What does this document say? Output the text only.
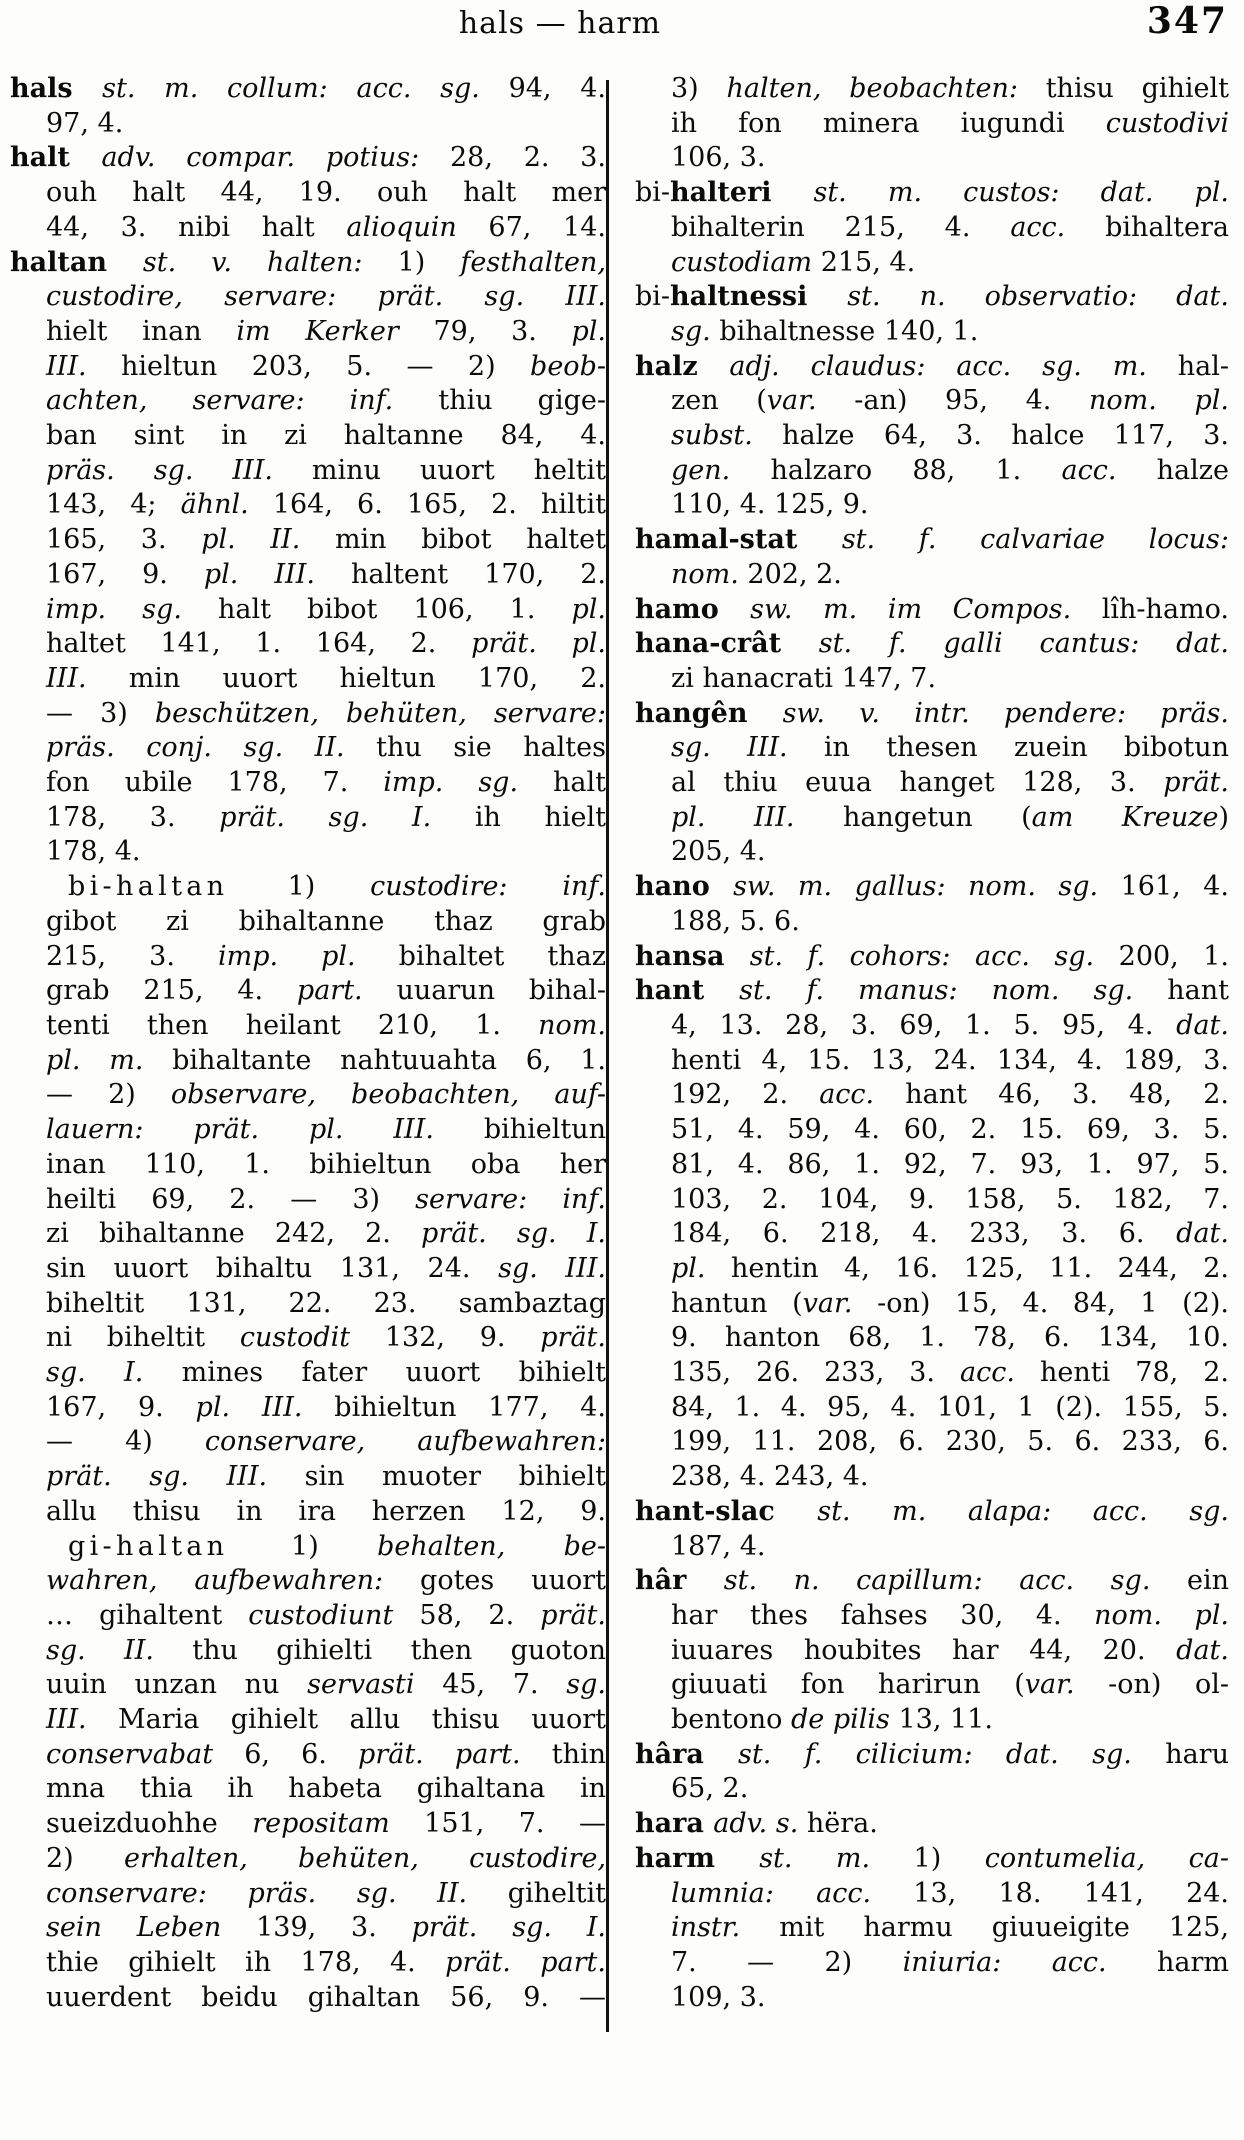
hals — harm	347
hals st. m. collum: acc. sg. 94, 4.
97, 4.
halt adv. compar. potius: 28, 2. 3.
ouh halt 44, 19. ouh halt mer
44, 3. nibi halt alioquin 67, 14.
haltan st. v. halten: 1) festhalten,
custodire, servare: prät. sg. III.
hielt inan im Kerker 79, 3. pl.
III. hieltun 203, 5. — 2) beob-
achten, servare: inf. thiu gige-
ban sint in zi haltanne 84, 4.
präs. sg. III. minu uuort heltit
143, 4; ähnl. 164, 6. 165, 2. hiltit
165, 3. pl. II. min bibot haltet
167, 9. pl. III. haltent 170, 2.
imp. sg. halt bibot 106, 1. pl.
haltet 141, 1. 164, 2. prät. pl.
III. min uuort hieltun 170, 2.
— 3) beschützen, behüten, servare:
präs. conj. sg. II. thu sie haltes
fon ubile 178, 7. imp. sg. halt
178, 3. prät. sg. I. ih hielt
178, 4.
bi-haltan 1) custodire: inf.
gibot zi bihaltanne thaz grab
215, 3. imp. pl. bihaltet thaz
grab 215, 4. part. uuarun bihal-
tenti then heilant 210, 1. nom.
pl. m. bihaltante nahtuuahta 6, 1.
— 2) observare, beobachten, auf-
lauern: prät. pl. III. bihieltun
inan 110, 1. bihieltun oba her
heilti 69, 2. — 3) servare: inf.
zi bihaltanne 242, 2. prät. sg. I.
sin uuort bihaltu 131, 24. sg. III.
biheltit 131, 22. 23. sambaztag
ni biheltit custodit 132, 9. prät.
sg. I. mines fater uuort bihielt
167, 9. pl. III. bihieltun 177, 4.
— 4) conservare, aufbewahren:
prät. sg. III. sin muoter bihielt
allu thisu in ira herzen 12, 9.
gi-haltan 1) behalten, be-
wahren, aufbewahren: gotes uuort
… gihaltent custodiunt 58, 2. prät.
sg. II. thu gihielti then guoton
uuin unzan nu servasti 45, 7. sg.
III. Maria gihielt allu thisu uuort
conservabat 6, 6. prät. part. thin
mna thia ih habeta gihaltana in
sueizduohhe repositam 151, 7. —
2) erhalten, behüten, custodire,
conservare: präs. sg. II. giheltit
sein Leben 139, 3. prät. sg. I.
thie gihielt ih 178, 4. prät. part.
uuerdent beidu gihaltan 56, 9. —
3) halten, beobachten: thisu gihielt
ih fon minera iugundi custodivi
106, 3.
bi-halteri st. m. custos: dat. pl.
bihalterin 215, 4. acc. bihaltera
custodiam 215, 4.
bi-haltnessi st. n. observatio: dat.
sg. bihaltnesse 140, 1.
halz adj. claudus: acc. sg. m. hal-
zen (var. -an) 95, 4. nom. pl.
subst. halze 64, 3. halce 117, 3.
gen. halzaro 88, 1. acc. halze
110, 4. 125, 9.
hamal-stat st. f. calvariae locus:
nom. 202, 2.
hamo sw. m. im Compos. lîh-hamo.
hana-crât st. f. galli cantus: dat.
zi hanacrati 147, 7.
hangên sw. v. intr. pendere: präs.
sg. III. in thesen zuein bibotun
al thiu euua hanget 128, 3. prät.
pl. III. hangetun (am Kreuze)
205, 4.
hano sw. m. gallus: nom. sg. 161, 4.
188, 5. 6.
hansa st. f. cohors: acc. sg. 200, 1.
hant st. f. manus: nom. sg. hant
4, 13. 28, 3. 69, 1. 5. 95, 4. dat.
henti 4, 15. 13, 24. 134, 4. 189, 3.
192, 2. acc. hant 46, 3. 48, 2.
51, 4. 59, 4. 60, 2. 15. 69, 3. 5.
81, 4. 86, 1. 92, 7. 93, 1. 97, 5.
103, 2. 104, 9. 158, 5. 182, 7.
184, 6. 218, 4. 233, 3. 6. dat.
pl. hentin 4, 16. 125, 11. 244, 2.
hantun (var. -on) 15, 4. 84, 1 (2).
9. hanton 68, 1. 78, 6. 134, 10.
135, 26. 233, 3. acc. henti 78, 2.
84, 1. 4. 95, 4. 101, 1 (2). 155, 5.
199, 11. 208, 6. 230, 5. 6. 233, 6.
238, 4. 243, 4.
hant-slac st. m. alapa: acc. sg.
187, 4.
hâr st. n. capillum: acc. sg. ein
har thes fahses 30, 4. nom. pl.
iuuares houbites har 44, 20. dat.
giuuati fon harirun (var. -on) ol-
bentono de pilis 13, 11.
hâra st. f. cilicium: dat. sg. haru
65, 2.
hara adv. s. hëra.
harm st. m. 1) contumelia, ca-
lumnia: acc. 13, 18. 141, 24.
instr. mit harmu giuueigite 125,
7. — 2) iniuria: acc. harm
109, 3.
